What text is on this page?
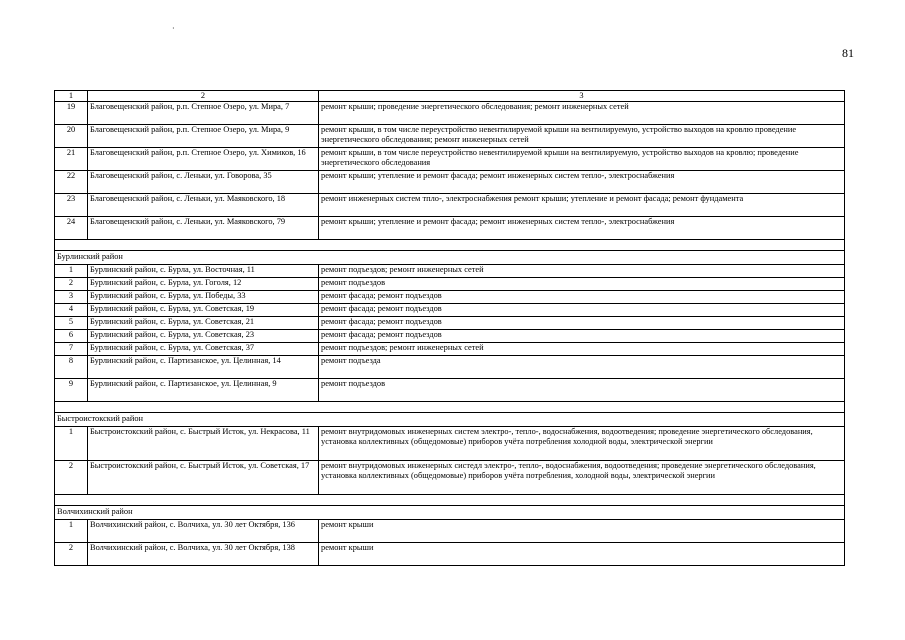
·
81
1	2	3
19	Благовещенский район, р.п. Степное Озеро, ул. Мира, 7	ремонт крыши; проведение энергетического обследования; ремонт инженерных сетей
20	Благовещенский район, р.п. Степное Озеро, ул. Мира, 9	ремонт крыши, в том числе переустройство невентилируемой крыши на вентилируемую, устройство выходов на кровлю проведение энергетического обследования; ремонт инженерных сетей
21	Благовещенский район, р.п. Степное Озеро, ул. Химиков, 16	ремонт крыши, в том числе переустройство невентилируемой крыши на вентилируемую, устройство выходов на кровлю; проведение энергетического обследования
22	Благовещенский район, с. Леньки, ул. Говорова, 35	ремонт крыши; утепление и ремонт фасада; ремонт инженерных систем тепло-, электроснабжения
23	Благовещенский район, с. Леньки, ул. Маяковского, 18	ремонт инженерных систем тпло-, электроснабжения ремонт крыши; утепление и ремонт фасада; ремонт фундамента
24	Благовещенский район, с. Леньки, ул. Маяковского, 79	ремонт крыши; утепление и ремонт фасада; ремонт инженерных систем тепло-, электроснабжения

Бурлинский район		
1	Бурлинский район, с. Бурла, ул. Восточная, 11	ремонт подъездов; ремонт инженерных сетей
2	Бурлинский район, с. Бурла, ул. Гоголя, 12	ремонт подъездов
3	Бурлинский район, с. Бурла, ул. Победы, 33	ремонт фасада; ремонт подъездов
4	Бурлинский район, с. Бурла, ул. Советская, 19	ремонт фасада; ремонт подъездов
5	Бурлинский район, с. Бурла, ул. Советская, 21	ремонт фасада; ремонт подъездов
6	Бурлинский район, с. Бурла, ул. Советская, 23	ремонт фасада; ремонт подъездов
7	Бурлинский район, с. Бурла, ул. Советская, 37	ремонт подъездов; ремонт инженерных сетей
8	Бурлинский район, с. Партизанское, ул. Целинная, 14	ремонт подъезда
9	Бурлинский район, с. Партизанское, ул. Целинная, 9	ремонт подъездов

Быстроистокский район		
1	Быстроистокский район, с. Быстрый Исток, ул. Некрасова, 11	ремонт внутридомовых инженерных систем электро-, тепло-, водоснабжения, водоотведения; проведение энергетического обследования, установка коллективных (общедомовые) приборов учёта потребления холодной воды, электрической энергии
2	Быстроистокский район, с. Быстрый Исток, ул. Советская, 17	ремонт внутридомовых инженерных систедл электро-, тепло-, водоснабжения, водоотведения; проведение энергетического обследования, установка коллективных (общедомовые) приборов учёта потребления, холодной воды, электрической энергии

Волчихинский район		
1	Волчихинский район, с. Волчиха, ул. 30 лет Октября, 136	ремонт крыши
2	Волчихинский район, с. Волчиха, ул. 30 лет Октября, 138	ремонт крыши
